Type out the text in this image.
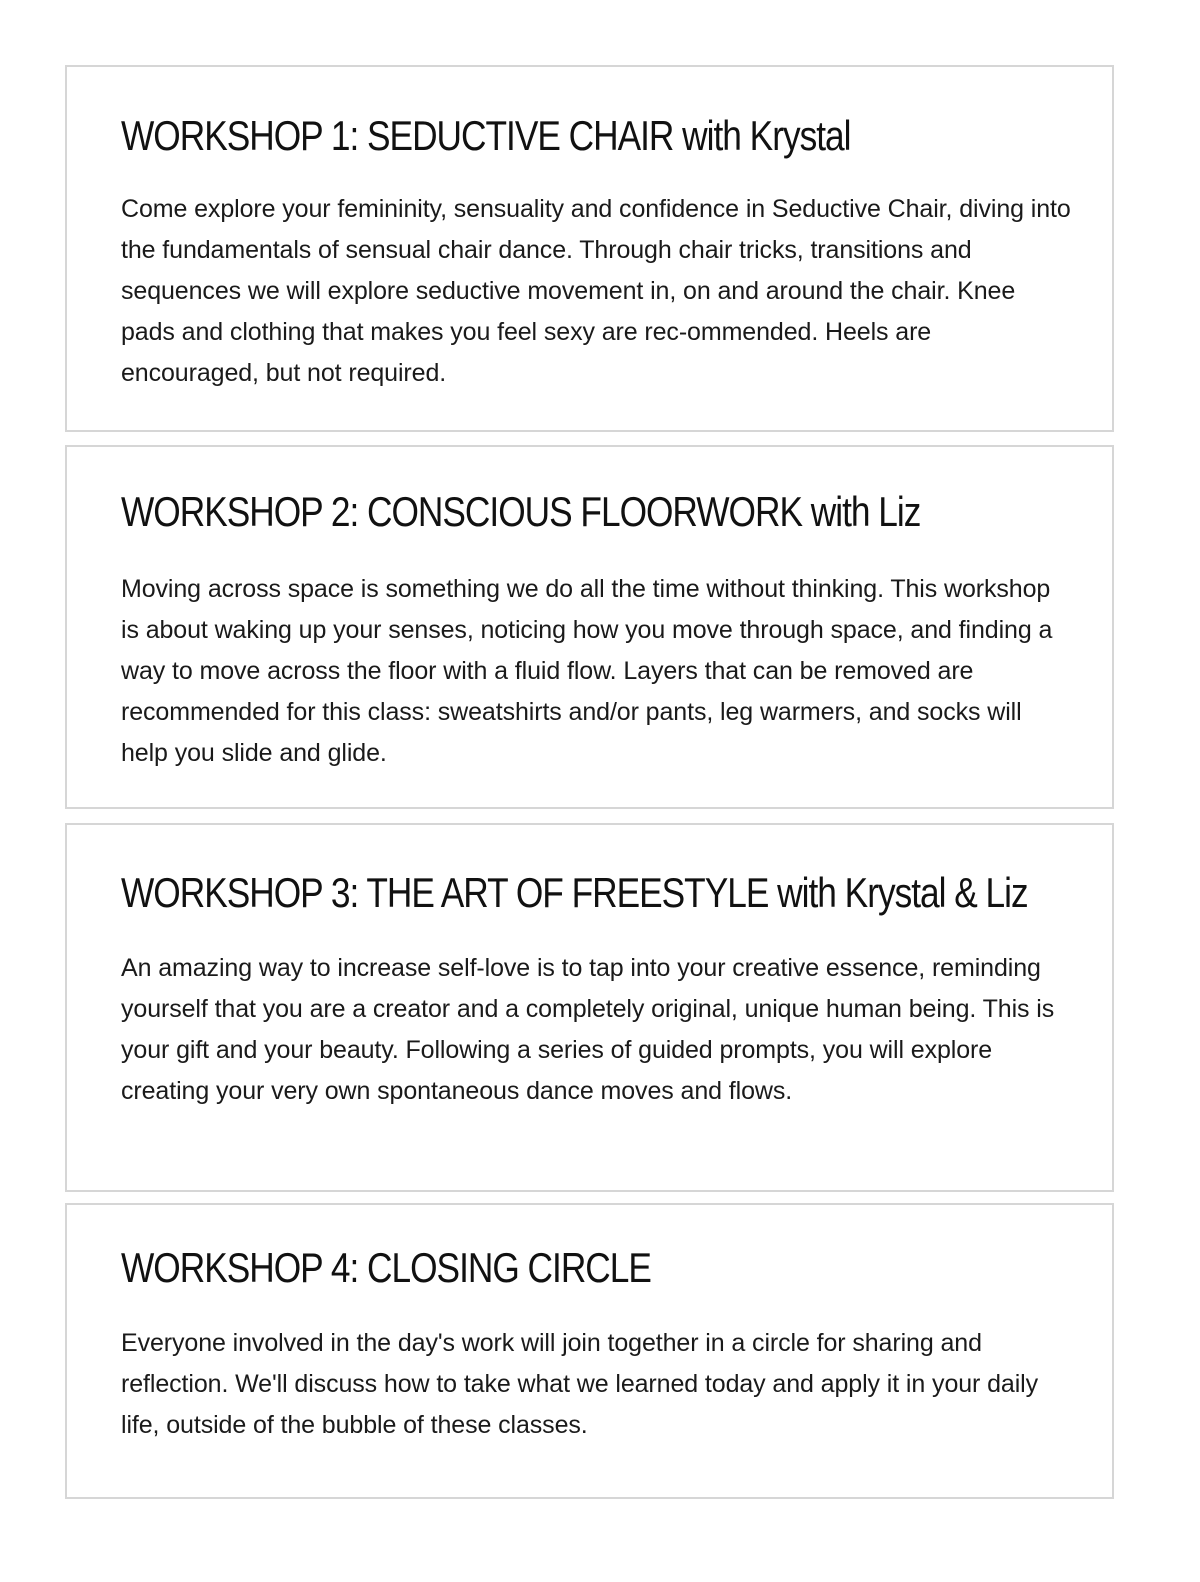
WORKSHOP 1: SEDUCTIVE CHAIR with Krystal

Come explore your femininity, sensuality and confidence in Seductive Chair, diving into the fundamentals of sensual chair dance. Through chair tricks, transitions and sequences we will explore seductive movement in, on and around the chair. Knee pads and clothing that makes you feel sexy are rec-ommended. Heels are encouraged, but not required.

WORKSHOP 2: CONSCIOUS FLOORWORK with Liz

Moving across space is something we do all the time without thinking. This workshop is about waking up your senses, noticing how you move through space, and finding a way to move across the floor with a fluid flow. Layers that can be removed are recommended for this class: sweatshirts and/or pants, leg warmers, and socks will help you slide and glide.

WORKSHOP 3: THE ART OF FREESTYLE with Krystal & Liz

An amazing way to increase self-love is to tap into your creative essence, reminding yourself that you are a creator and a completely original, unique human being. This is your gift and your beauty. Following a series of guided prompts, you will explore creating your very own spontaneous dance moves and flows.

WORKSHOP 4: CLOSING CIRCLE

Everyone involved in the day's work will join together in a circle for sharing and reflection. We'll discuss how to take what we learned today and apply it in your daily life, outside of the bubble of these classes.
